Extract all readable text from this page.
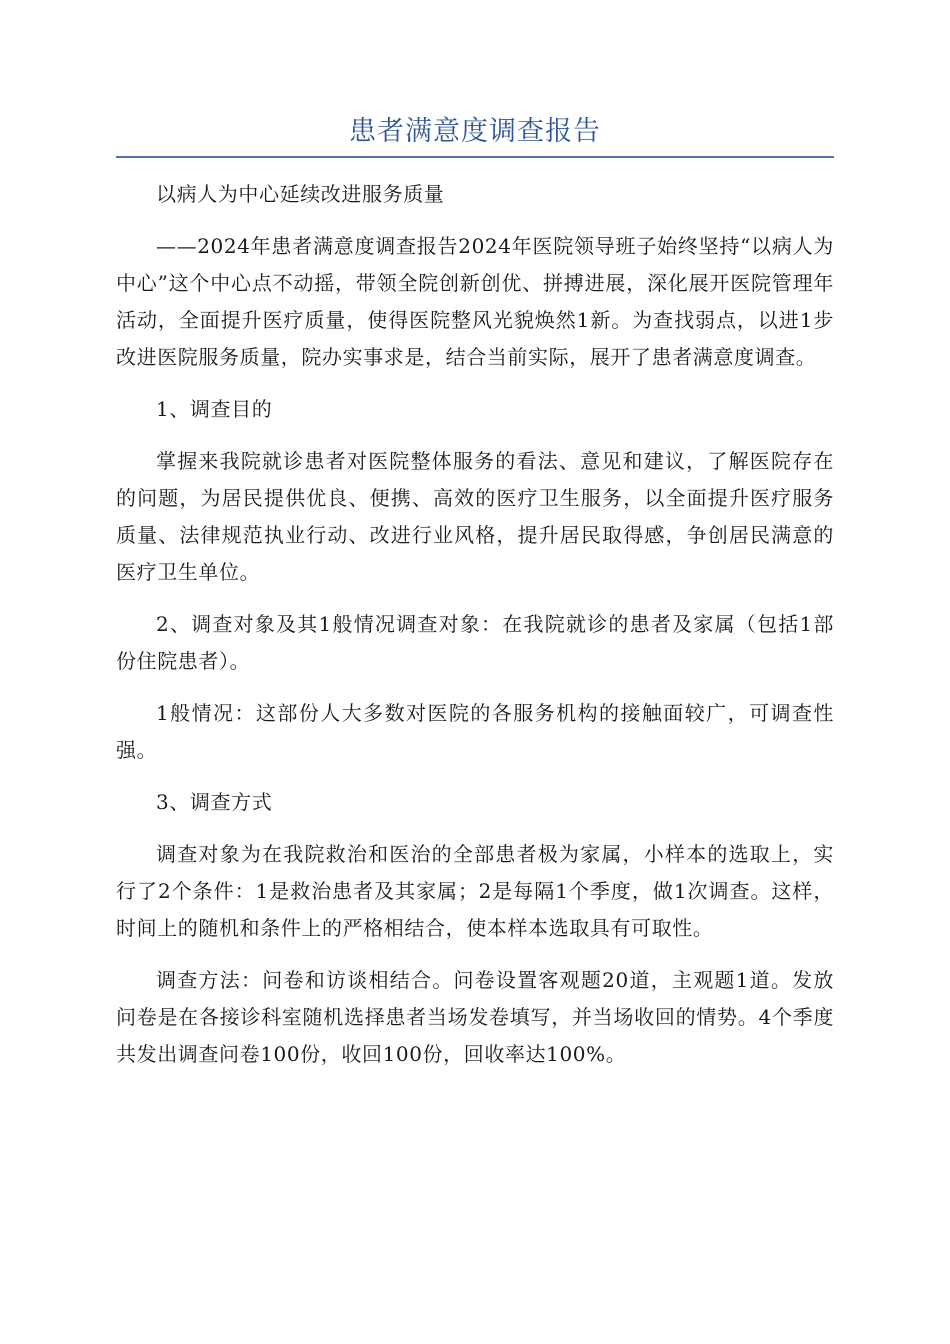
患者满意度调查报告

以病人为中心延续改进服务质量

——2024年患者满意度调查报告2024年医院领导班子始终坚持“以病人为中心”这个中心点不动摇，带领全院创新创优、拼搏进展，深化展开医院管理年活动，全面提升医疗质量，使得医院整风光貌焕然1新。为查找弱点，以进1步改进医院服务质量，院办实事求是，结合当前实际，展开了患者满意度调查。

1、调查目的

掌握来我院就诊患者对医院整体服务的看法、意见和建议，了解医院存在的问题，为居民提供优良、便携、高效的医疗卫生服务，以全面提升医疗服务质量、法律规范执业行动、改进行业风格，提升居民取得感，争创居民满意的医疗卫生单位。

2、调查对象及其1般情况调查对象：在我院就诊的患者及家属（包括1部份住院患者）。

1般情况：这部份人大多数对医院的各服务机构的接触面较广，可调查性强。

3、调查方式

调查对象为在我院救治和医治的全部患者极为家属，小样本的选取上，实行了2个条件：1是救治患者及其家属；2是每隔1个季度，做1次调查。这样，时间上的随机和条件上的严格相结合，使本样本选取具有可取性。

调查方法：问卷和访谈相结合。问卷设置客观题20道，主观题1道。发放问卷是在各接诊科室随机选择患者当场发卷填写，并当场收回的情势。4个季度共发出调查问卷100份，收回100份，回收率达100%。
